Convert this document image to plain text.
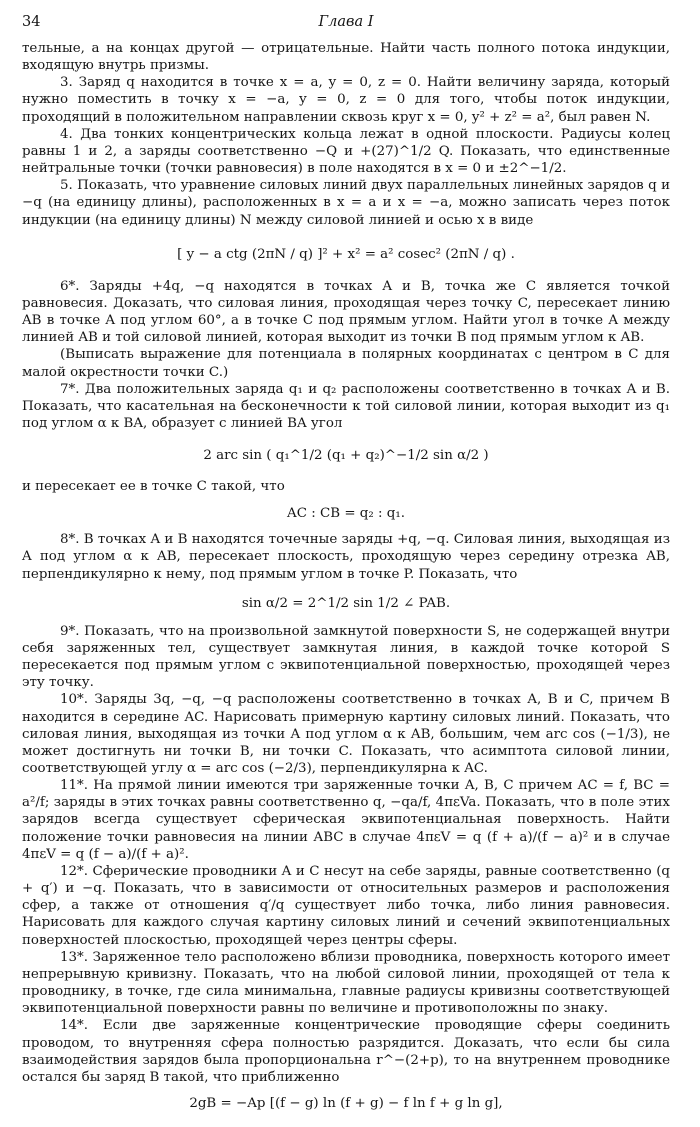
34	Глава I

тельные, а на концах другой — отрицательные. Найти часть полного потока индукции, входящую внутрь призмы.

3. Заряд q находится в точке x = a, y = 0, z = 0. Найти величину заряда, который нужно поместить в точку x = −a, y = 0, z = 0 для того, чтобы поток индукции, проходящий в положительном направлении сквозь круг x = 0, y² + z² = a², был равен N.

4. Два тонких концентрических кольца лежат в одной плоскости. Радиусы колец равны 1 и 2, а заряды соответственно −Q и +(27)^1/2 Q. Показать, что единственные нейтральные точки (точки равновесия) в поле находятся в x = 0 и ±2^−1/2.

5. Показать, что уравнение силовых линий двух параллельных линейных зарядов q и −q (на единицу длины), расположенных в x = a и x = −a, можно записать через поток индукции (на единицу длины) N между силовой линией и осью x в виде

[ y − a ctg (2πN / q) ]² + x² = a² cosec² (2πN / q) .

6*. Заряды +4q, −q находятся в точках A и B, точка же C является точкой равновесия. Доказать, что силовая линия, проходящая через точку C, пересекает линию AB в точке A под углом 60°, а в точке C под прямым углом. Найти угол в точке A между линией AB и той силовой линией, которая выходит из точки B под прямым углом к AB.

(Выписать выражение для потенциала в полярных координатах с центром в C для малой окрестности точки C.)

7*. Два положительных заряда q₁ и q₂ расположены соответственно в точках A и B. Показать, что касательная на бесконечности к той силовой линии, которая выходит из q₁ под углом α к BA, образует с линией BA угол

2 arc sin ( q₁^1/2 (q₁ + q₂)^−1/2 sin α/2 )

и пересекает ее в точке C такой, что

AC : CB = q₂ : q₁.

8*. В точках A и B находятся точечные заряды +q, −q. Силовая линия, выходящая из A под углом α к AB, пересекает плоскость, проходящую через середину отрезка AB, перпендикулярно к нему, под прямым углом в точке P. Показать, что

sin α/2 = 2^1/2 sin 1/2 ∠ PAB.

9*. Показать, что на произвольной замкнутой поверхности S, не содержащей внутри себя заряженных тел, существует замкнутая линия, в каждой точке которой S пересекается под прямым углом с эквипотенциальной поверхностью, проходящей через эту точку.

10*. Заряды 3q, −q, −q расположены соответственно в точках A, B и C, причем B находится в середине AC. Нарисовать примерную картину силовых линий. Показать, что силовая линия, выходящая из точки A под углом α к AB, большим, чем arc cos (−1/3), не может достигнуть ни точки B, ни точки C. Показать, что асимптота силовой линии, соответствующей углу α = arc cos (−2/3), перпендикулярна к AC.

11*. На прямой линии имеются три заряженные точки A, B, C причем AC = f, BC = a²/f; заряды в этих точках равны соответственно q, −qa/f, 4πεVa. Показать, что в поле этих зарядов всегда существует сферическая эквипотенциальная поверхность. Найти положение точки равновесия на линии ABC в случае 4πεV = q (f + a)/(f − a)² и в случае 4πεV = q (f − a)/(f + a)².

12*. Сферические проводники A и C несут на себе заряды, равные соответственно (q + q′) и −q. Показать, что в зависимости от относительных размеров и расположения сфер, а также от отношения q′/q существует либо точка, либо линия равновесия. Нарисовать для каждого случая картину силовых линий и сечений эквипотенциальных поверхностей плоскостью, проходящей через центры сферы.

13*. Заряженное тело расположено вблизи проводника, поверхность которого имеет непрерывную кривизну. Показать, что на любой силовой линии, проходящей от тела к проводнику, в точке, где сила минимальна, главные радиусы кривизны соответствующей эквипотенциальной поверхности равны по величине и противоположны по знаку.

14*. Если две заряженные концентрические проводящие сферы соединить проводом, то внутренняя сфера полностью разрядится. Доказать, что если бы сила взаимодействия зарядов была пропорциональна r^−(2+p), то на внутреннем проводнике остался бы заряд B такой, что приближенно

2gB = −Ap [(f − g) ln (f + g) − f ln f + g ln g],
